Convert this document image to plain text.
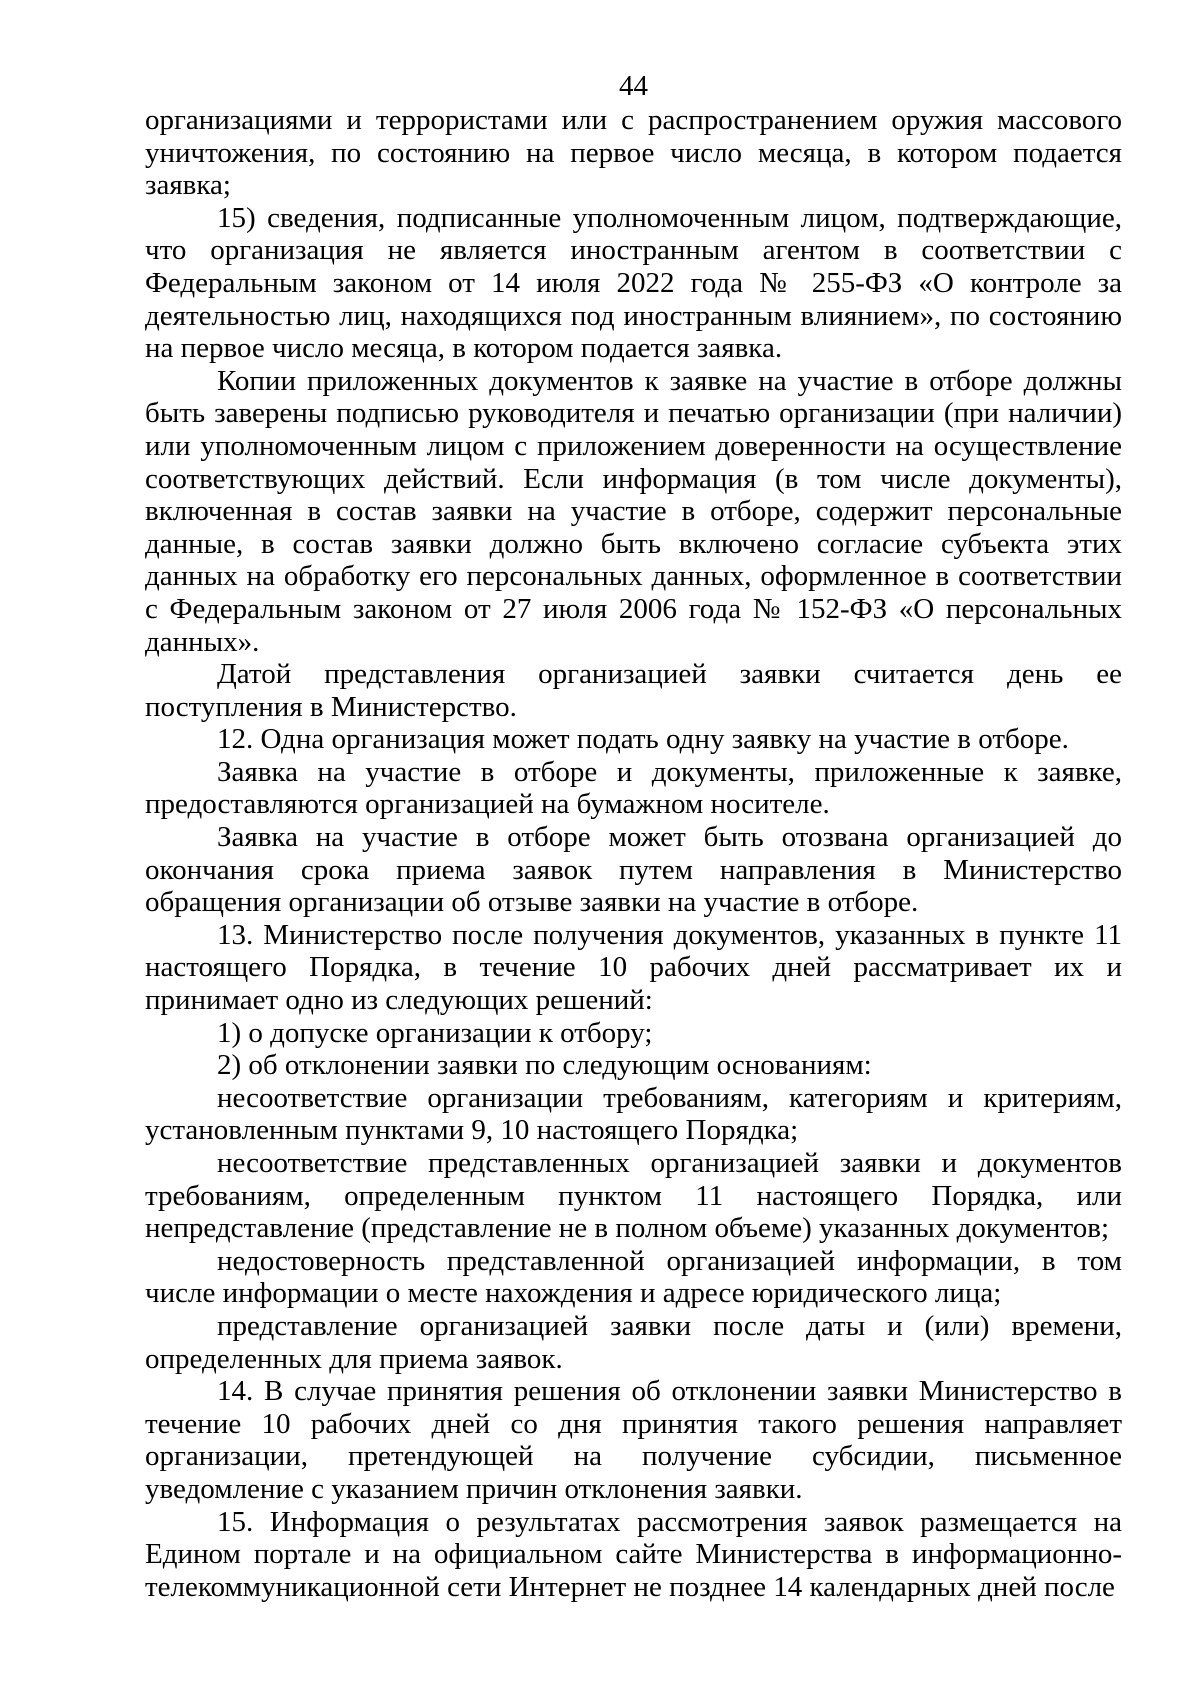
44

организациями и террористами или с распространением оружия массового уничтожения, по состоянию на первое число месяца, в котором подается заявка;

15) сведения, подписанные уполномоченным лицом, подтверждающие, что организация не является иностранным агентом в соответствии с Федеральным законом от 14 июля 2022 года № 255-ФЗ «О контроле за деятельностью лиц, находящихся под иностранным влиянием», по состоянию на первое число месяца, в котором подается заявка.

Копии приложенных документов к заявке на участие в отборе должны быть заверены подписью руководителя и печатью организации (при наличии) или уполномоченным лицом с приложением доверенности на осуществление соответствующих действий. Если информация (в том числе документы), включенная в состав заявки на участие в отборе, содержит персональные данные, в состав заявки должно быть включено согласие субъекта этих данных на обработку его персональных данных, оформленное в соответствии с Федеральным законом от 27 июля 2006 года № 152-ФЗ «О персональных данных».

Датой представления организацией заявки считается день ее поступления в Министерство.

12. Одна организация может подать одну заявку на участие в отборе.

Заявка на участие в отборе и документы, приложенные к заявке, предоставляются организацией на бумажном носителе.

Заявка на участие в отборе может быть отозвана организацией до окончания срока приема заявок путем направления в Министерство обращения организации об отзыве заявки на участие в отборе.

13. Министерство после получения документов, указанных в пункте 11 настоящего Порядка, в течение 10 рабочих дней рассматривает их и принимает одно из следующих решений:

1) о допуске организации к отбору;

2) об отклонении заявки по следующим основаниям:

несоответствие организации требованиям, категориям и критериям, установленным пунктами 9, 10 настоящего Порядка;

несоответствие представленных организацией заявки и документов требованиям, определенным пунктом 11 настоящего Порядка, или непредставление (представление не в полном объеме) указанных документов;

недостоверность представленной организацией информации, в том числе информации о месте нахождения и адресе юридического лица;

представление организацией заявки после даты и (или) времени, определенных для приема заявок.

14. В случае принятия решения об отклонении заявки Министерство в течение 10 рабочих дней со дня принятия такого решения направляет организации, претендующей на получение субсидии, письменное уведомление с указанием причин отклонения заявки.

15. Информация о результатах рассмотрения заявок размещается на Едином портале и на официальном сайте Министерства в информационно-телекоммуникационной сети Интернет не позднее 14 календарных дней после
